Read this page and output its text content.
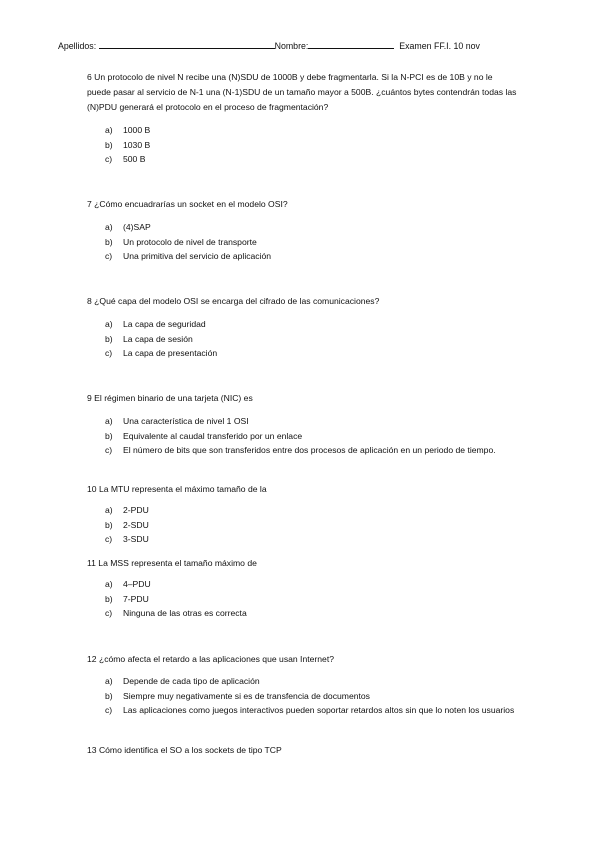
Apellidos:	Nombre:	Examen FF.I. 10 nov
6 Un protocolo de nivel N recibe una (N)SDU de 1000B y debe fragmentarla. Si la N-PCI es de 10B y no le puede pasar al servicio de N-1 una (N-1)SDU de un tamaño mayor a 500B. ¿cuántos bytes contendrán todas las (N)PDU generará el protocolo en el proceso de fragmentación?
a) 1000 B
b) 1030 B
c) 500 B
7 ¿Cómo encuadrarías un socket en el modelo OSI?
a) (4)SAP
b) Un protocolo de nivel de transporte
c) Una primitiva del servicio de aplicación
8 ¿Qué capa del modelo OSI se encarga del cifrado de las comunicaciones?
a) La capa de seguridad
b) La capa de sesión
c) La capa de presentación
9 El régimen binario de una tarjeta (NIC) es
a) Una característica de nivel 1 OSI
b) Equivalente al caudal transferido por un enlace
c) El número de bits que son transferidos entre dos procesos de aplicación en un periodo de tiempo.
10 La MTU representa el máximo tamaño de la
a) 2-PDU
b) 2-SDU
c) 3-SDU
11 La MSS representa el tamaño máximo de
a) 4–PDU
b) 7-PDU
c) Ninguna de las otras es correcta
12 ¿cómo afecta el retardo a las aplicaciones que usan Internet?
a) Depende de cada tipo de aplicación
b) Siempre muy negativamente si es de transfencia de documentos
c) Las aplicaciones como juegos interactivos pueden soportar retardos altos sin que lo noten los usuarios
13 Cómo identifica el SO a los sockets de tipo TCP
